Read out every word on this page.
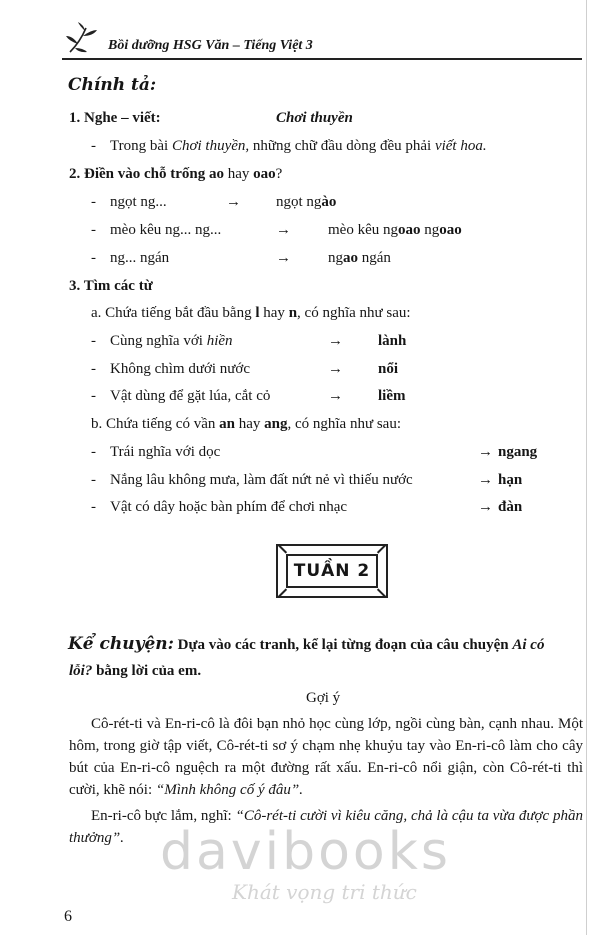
Bồi dưỡng HSG Văn – Tiếng Việt 3
Chính tả:
1. Nghe – viết:	Chơi thuyền
- Trong bài Chơi thuyền, những chữ đầu dòng đều phải viết hoa.
2. Điền vào chỗ trống ao hay oao?
- ngọt ng...	→ ngọt ngào
- mèo kêu ng... ng...	→ mèo kêu ngoao ngoao
- ng... ngán	→ ngao ngán
3. Tìm các từ
a. Chứa tiếng bắt đầu bằng l hay n, có nghĩa như sau:
- Cùng nghĩa với hiền	→ lành
- Không chìm dưới nước	→ nổi
- Vật dùng để gặt lúa, cắt cỏ	→ liềm
b. Chứa tiếng có vần an hay ang, có nghĩa như sau:
- Trái nghĩa với dọc	→ ngang
- Nắng lâu không mưa, làm đất nứt nẻ vì thiếu nước	→ hạn
- Vật có dây hoặc bàn phím để chơi nhạc	→ đàn
TUẦN 2
Kể chuyện: Dựa vào các tranh, kể lại từng đoạn của câu chuyện Ai có
lỗi? bằng lời của em.
Gợi ý
Cô-rét-ti và En-ri-cô là đôi bạn nhỏ học cùng lớp, ngồi cùng bàn, cạnh nhau. Một hôm, trong giờ tập viết, Cô-rét-ti sơ ý chạm nhẹ khuỷu tay vào En-ri-cô làm cho cây bút của En-ri-cô nguệch ra một đường rất xấu. En-ri-cô nổi giận, còn Cô-rét-ti thì cười, khẽ nói: “Mình không cố ý đâu”.
En-ri-cô bực lắm, nghĩ: “Cô-rét-ti cười vì kiêu căng, chả là cậu ta vừa được phần thưởng”. davibooks
Khát vọng tri thức
6
